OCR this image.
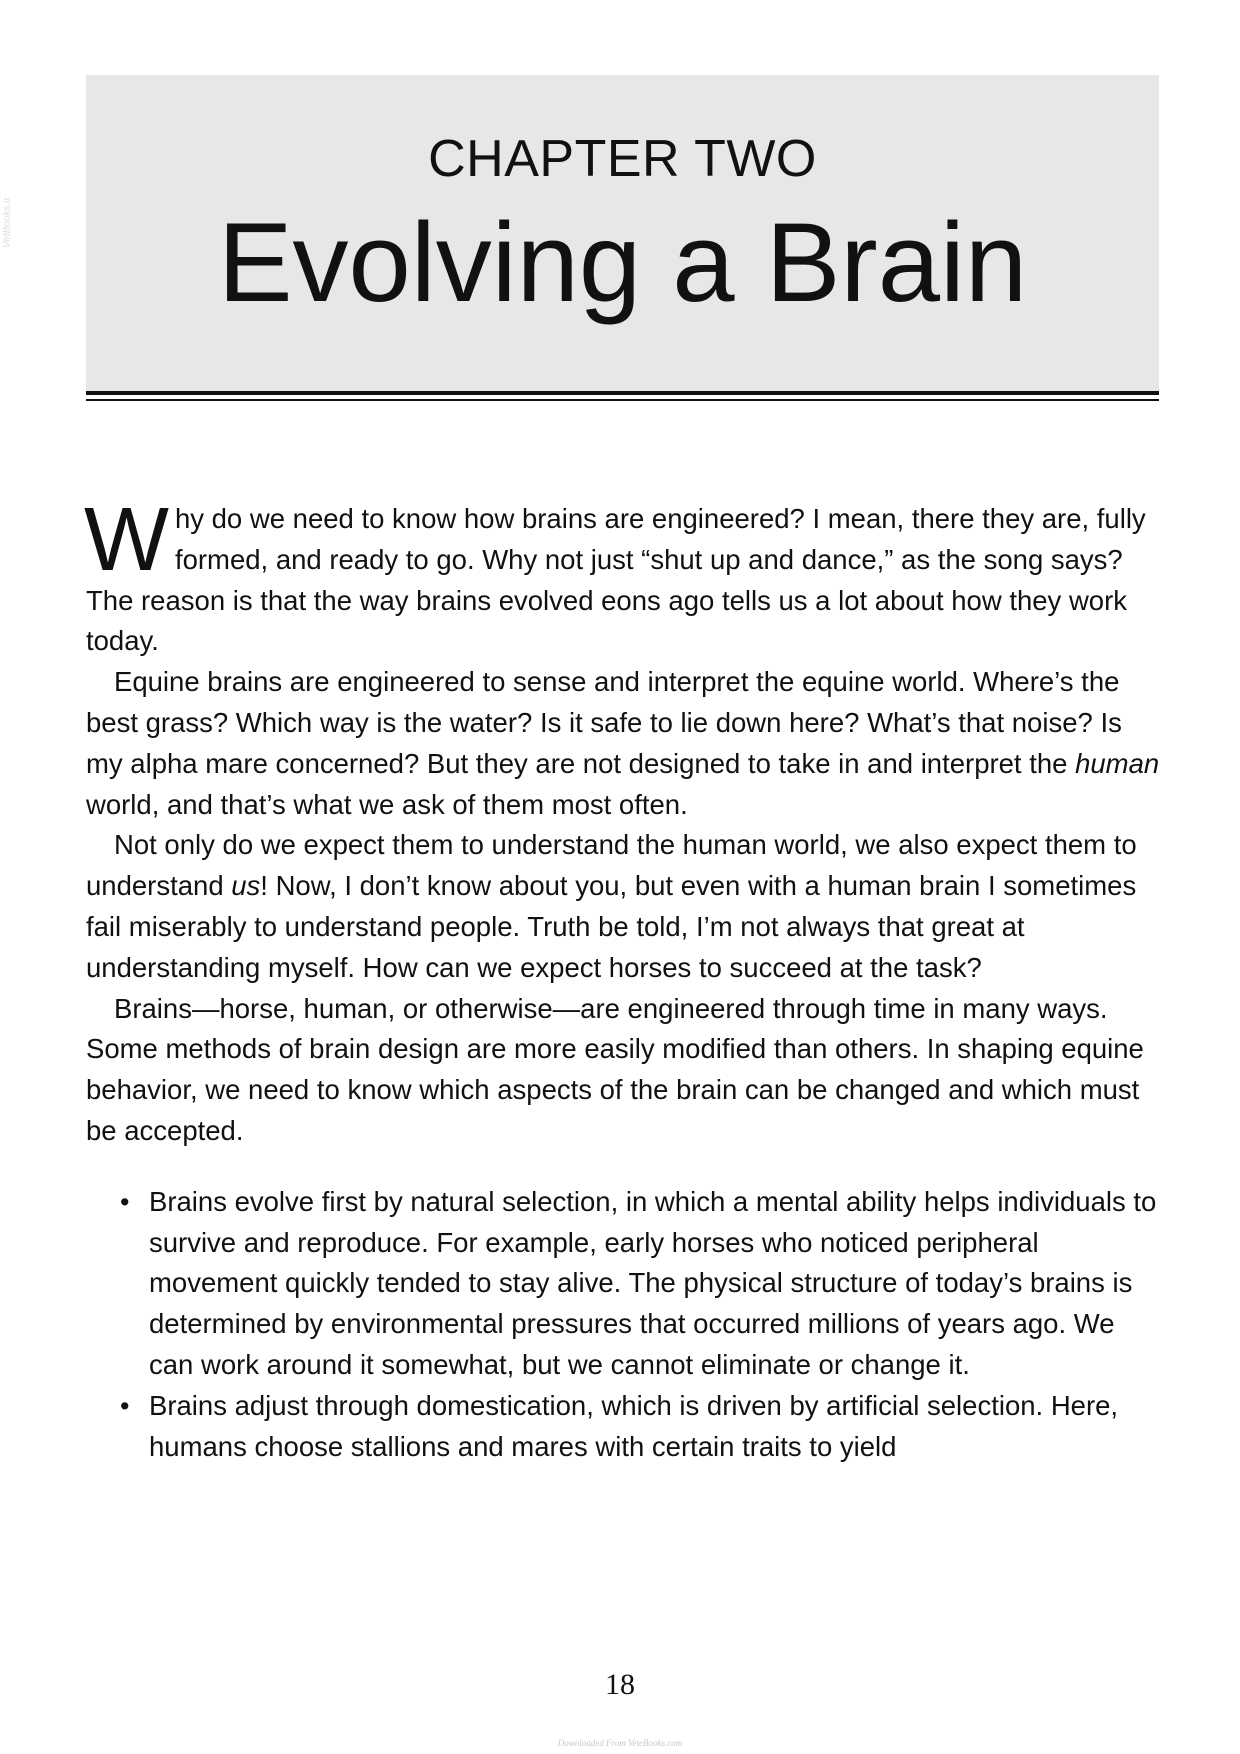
VetBooks.ir
CHAPTER TWO
Evolving a Brain

Why do we need to know how brains are engineered? I mean, there they are, fully formed, and ready to go. Why not just “shut up and dance,” as the song says? The reason is that the way brains evolved eons ago tells us a lot about how they work today.

Equine brains are engineered to sense and interpret the equine world. Where’s the best grass? Which way is the water? Is it safe to lie down here? What’s that noise? Is my alpha mare concerned? But they are not designed to take in and interpret the human world, and that’s what we ask of them most often.

Not only do we expect them to understand the human world, we also expect them to understand us! Now, I don’t know about you, but even with a human brain I sometimes fail miserably to understand people. Truth be told, I’m not always that great at understanding myself. How can we expect horses to succeed at the task?

Brains—horse, human, or otherwise—are engineered through time in many ways. Some methods of brain design are more easily modified than others. In shaping equine behavior, we need to know which aspects of the brain can be changed and which must be accepted.

• Brains evolve first by natural selection, in which a mental ability helps individuals to survive and reproduce. For example, early horses who noticed peripheral movement quickly tended to stay alive. The physical structure of today’s brains is determined by environmental pressures that occurred millions of years ago. We can work around it somewhat, but we cannot eliminate or change it.
• Brains adjust through domestication, which is driven by artificial selection. Here, humans choose stallions and mares with certain traits to yield
18
Downloaded From VeteBooks.com
